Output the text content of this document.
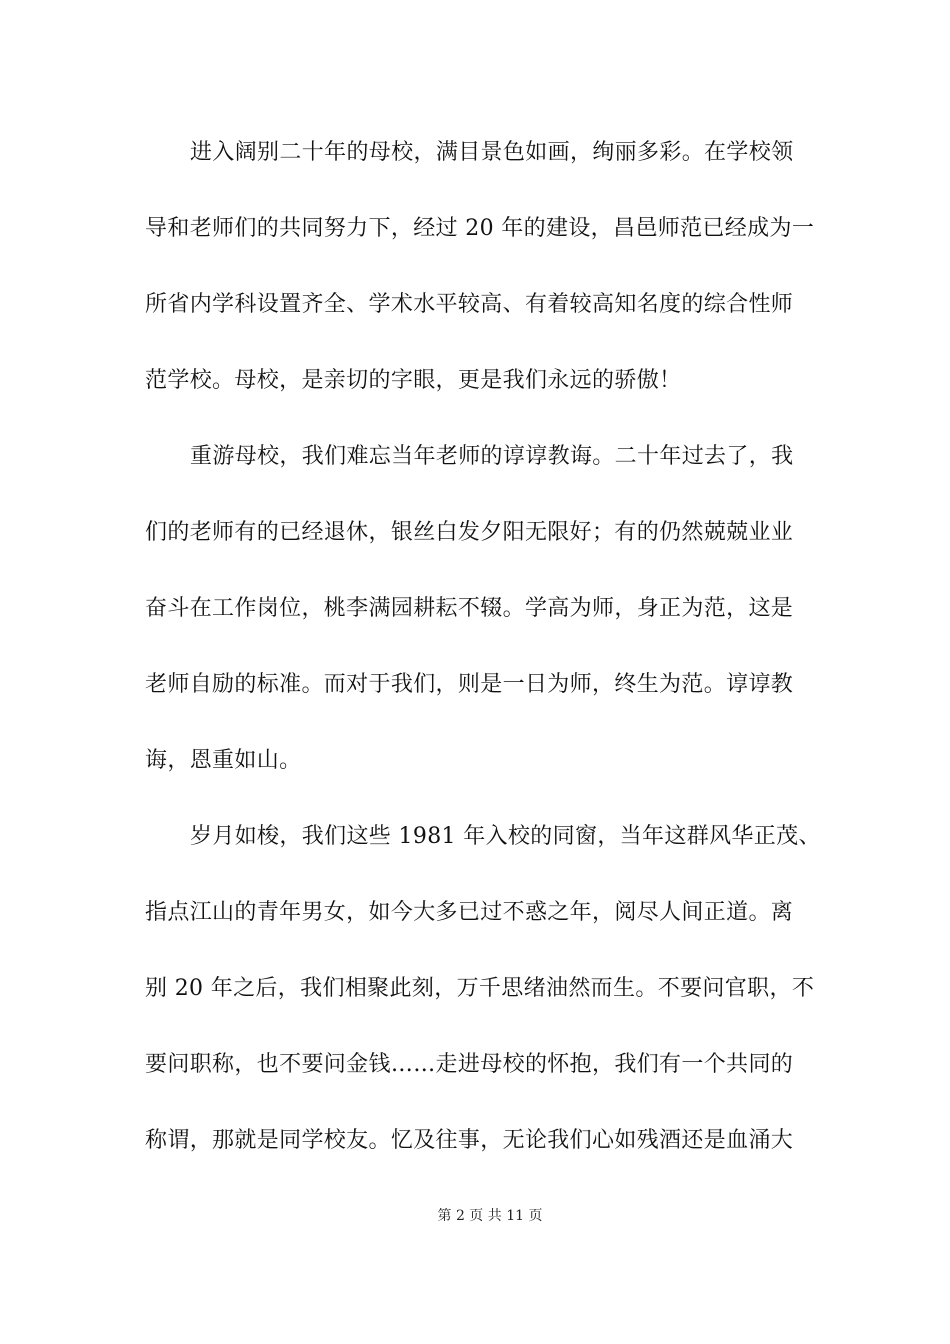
进入阔别二十年的母校，满目景色如画，绚丽多彩。在学校领
导和老师们的共同努力下，经过 20 年的建设，昌邑师范已经成为一
所省内学科设置齐全、学术水平较高、有着较高知名度的综合性师
范学校。母校，是亲切的字眼，更是我们永远的骄傲！
重游母校，我们难忘当年老师的谆谆教诲。二十年过去了，我
们的老师有的已经退休，银丝白发夕阳无限好；有的仍然兢兢业业
奋斗在工作岗位，桃李满园耕耘不辍。学高为师，身正为范，这是
老师自励的标准。而对于我们，则是一日为师，终生为范。谆谆教
诲，恩重如山。
岁月如梭，我们这些 1981 年入校的同窗，当年这群风华正茂、
指点江山的青年男女，如今大多已过不惑之年，阅尽人间正道。离
别 20 年之后，我们相聚此刻，万千思绪油然而生。不要问官职，不
要问职称，也不要问金钱……走进母校的怀抱，我们有一个共同的
称谓，那就是同学校友。忆及往事，无论我们心如残酒还是血涌大
第 2 页 共 11 页
